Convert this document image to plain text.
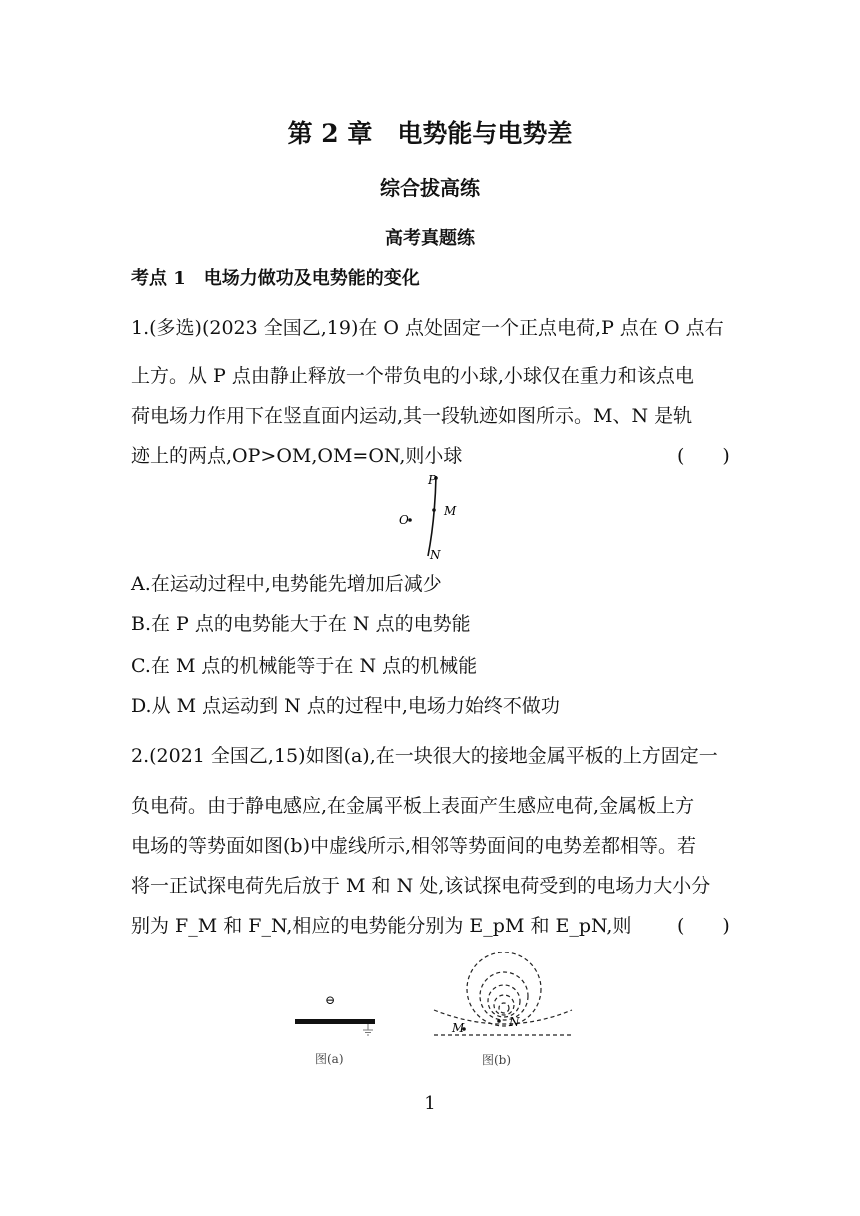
第 2 章　电势能与电势差
综合拔高练
高考真题练
考点 1　电场力做功及电势能的变化
1.(多选)(2023 全国乙,19)在 O 点处固定一个正点电荷,P 点在 O 点右
上方。从 P 点由静止释放一个带负电的小球,小球仅在重力和该点电
荷电场力作用下在竖直面内运动,其一段轨迹如图所示。M、N 是轨
迹上的两点,OP>OM,OM=ON,则小球	(　　)
P
M
O
N
A.在运动过程中,电势能先增加后减少
B.在 P 点的电势能大于在 N 点的电势能
C.在 M 点的机械能等于在 N 点的机械能
D.从 M 点运动到 N 点的过程中,电场力始终不做功
2.(2021 全国乙,15)如图(a),在一块很大的接地金属平板的上方固定一
负电荷。由于静电感应,在金属平板上表面产生感应电荷,金属板上方
电场的等势面如图(b)中虚线所示,相邻等势面间的电势差都相等。若
将一正试探电荷先后放于 M 和 N 处,该试探电荷受到的电场力大小分
别为 F_M 和 F_N,相应的电势能分别为 E_pM 和 E_pN,则 (　　)
⊖
图(a)
M	N
图(b)
1
